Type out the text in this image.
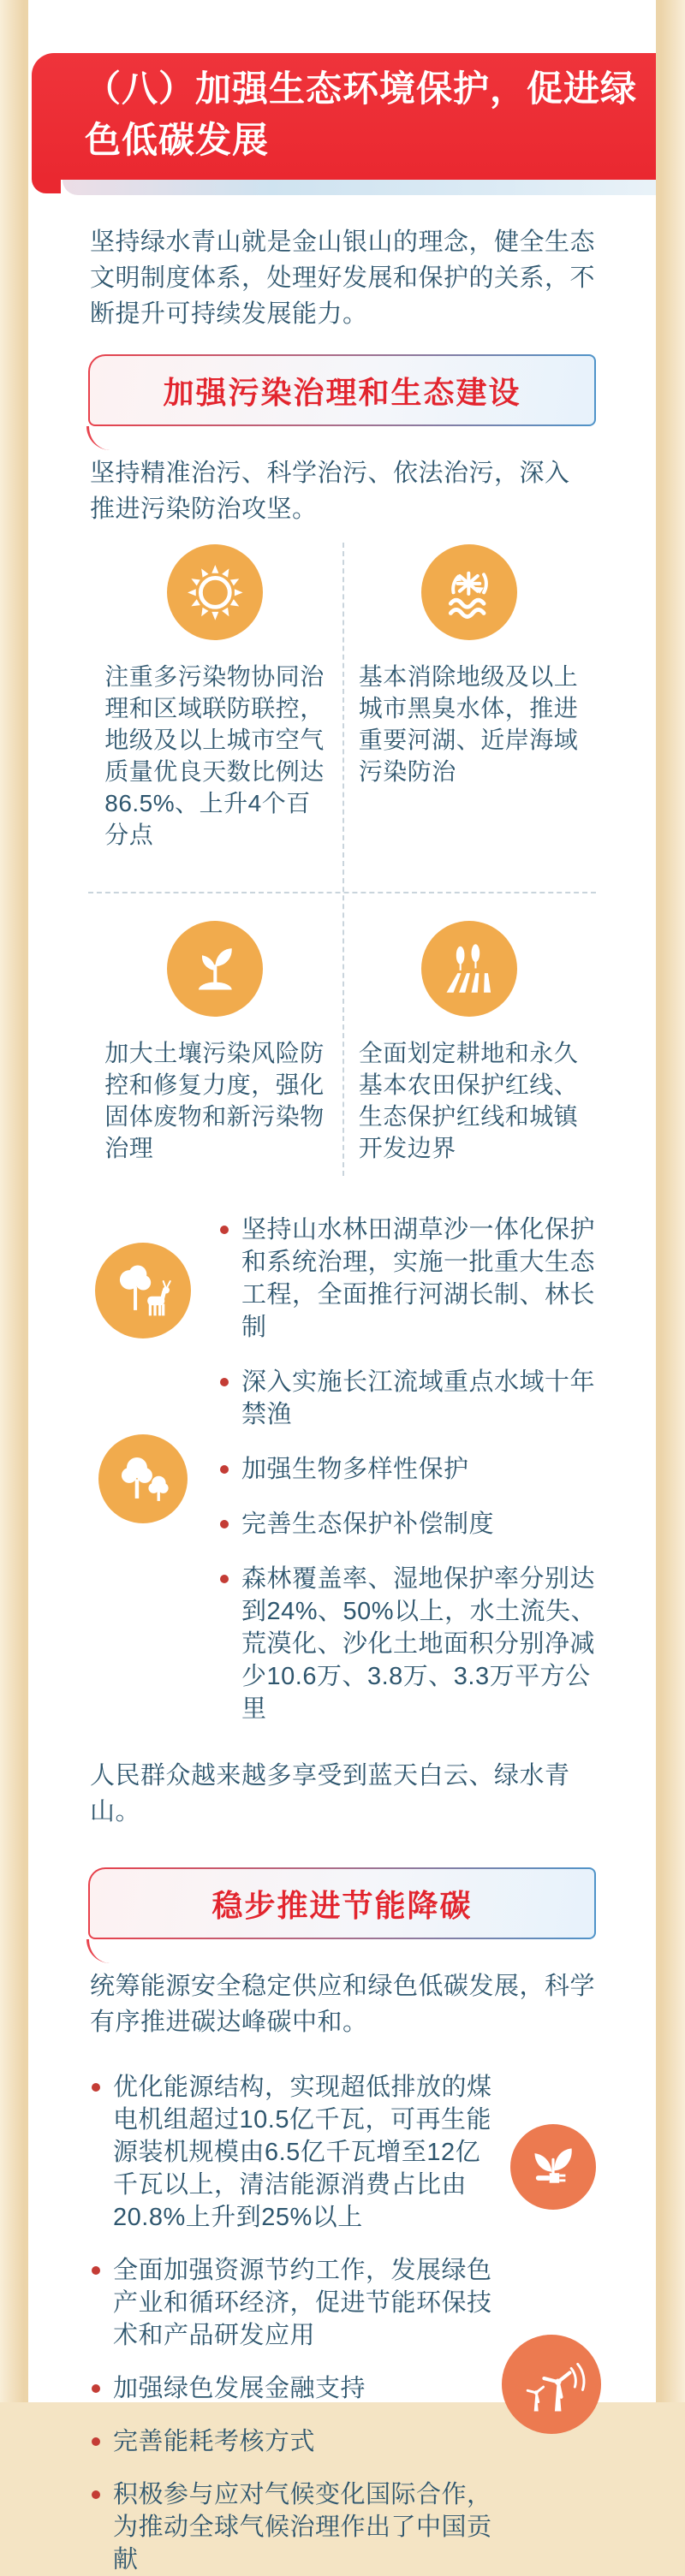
（八）加强生态环境保护，促进绿色低碳发展

坚持绿水青山就是金山银山的理念，健全生态文明制度体系，处理好发展和保护的关系，不断提升可持续发展能力。

加强污染治理和生态建设

坚持精准治污、科学治污、依法治污，深入推进污染防治攻坚。

注重多污染物协同治理和区域联防联控，地级及以上城市空气质量优良天数比例达86.5%、上升4个百分点

基本消除地级及以上城市黑臭水体，推进重要河湖、近岸海域污染防治

加大土壤污染风险防控和修复力度，强化固体废物和新污染物治理

全面划定耕地和永久基本农田保护红线、生态保护红线和城镇开发边界

坚持山水林田湖草沙一体化保护和系统治理，实施一批重大生态工程，全面推行河湖长制、林长制
深入实施长江流域重点水域十年禁渔
加强生物多样性保护
完善生态保护补偿制度
森林覆盖率、湿地保护率分别达到24%、50%以上，水土流失、荒漠化、沙化土地面积分别净减少10.6万、3.8万、3.3万平方公里

人民群众越来越多享受到蓝天白云、绿水青山。

稳步推进节能降碳

统筹能源安全稳定供应和绿色低碳发展，科学有序推进碳达峰碳中和。

优化能源结构，实现超低排放的煤电机组超过10.5亿千瓦，可再生能源装机规模由6.5亿千瓦增至12亿千瓦以上，清洁能源消费占比由20.8%上升到25%以上
全面加强资源节约工作，发展绿色产业和循环经济，促进节能环保技术和产品研发应用
加强绿色发展金融支持
完善能耗考核方式
积极参与应对气候变化国际合作，为推动全球气候治理作出了中国贡献
